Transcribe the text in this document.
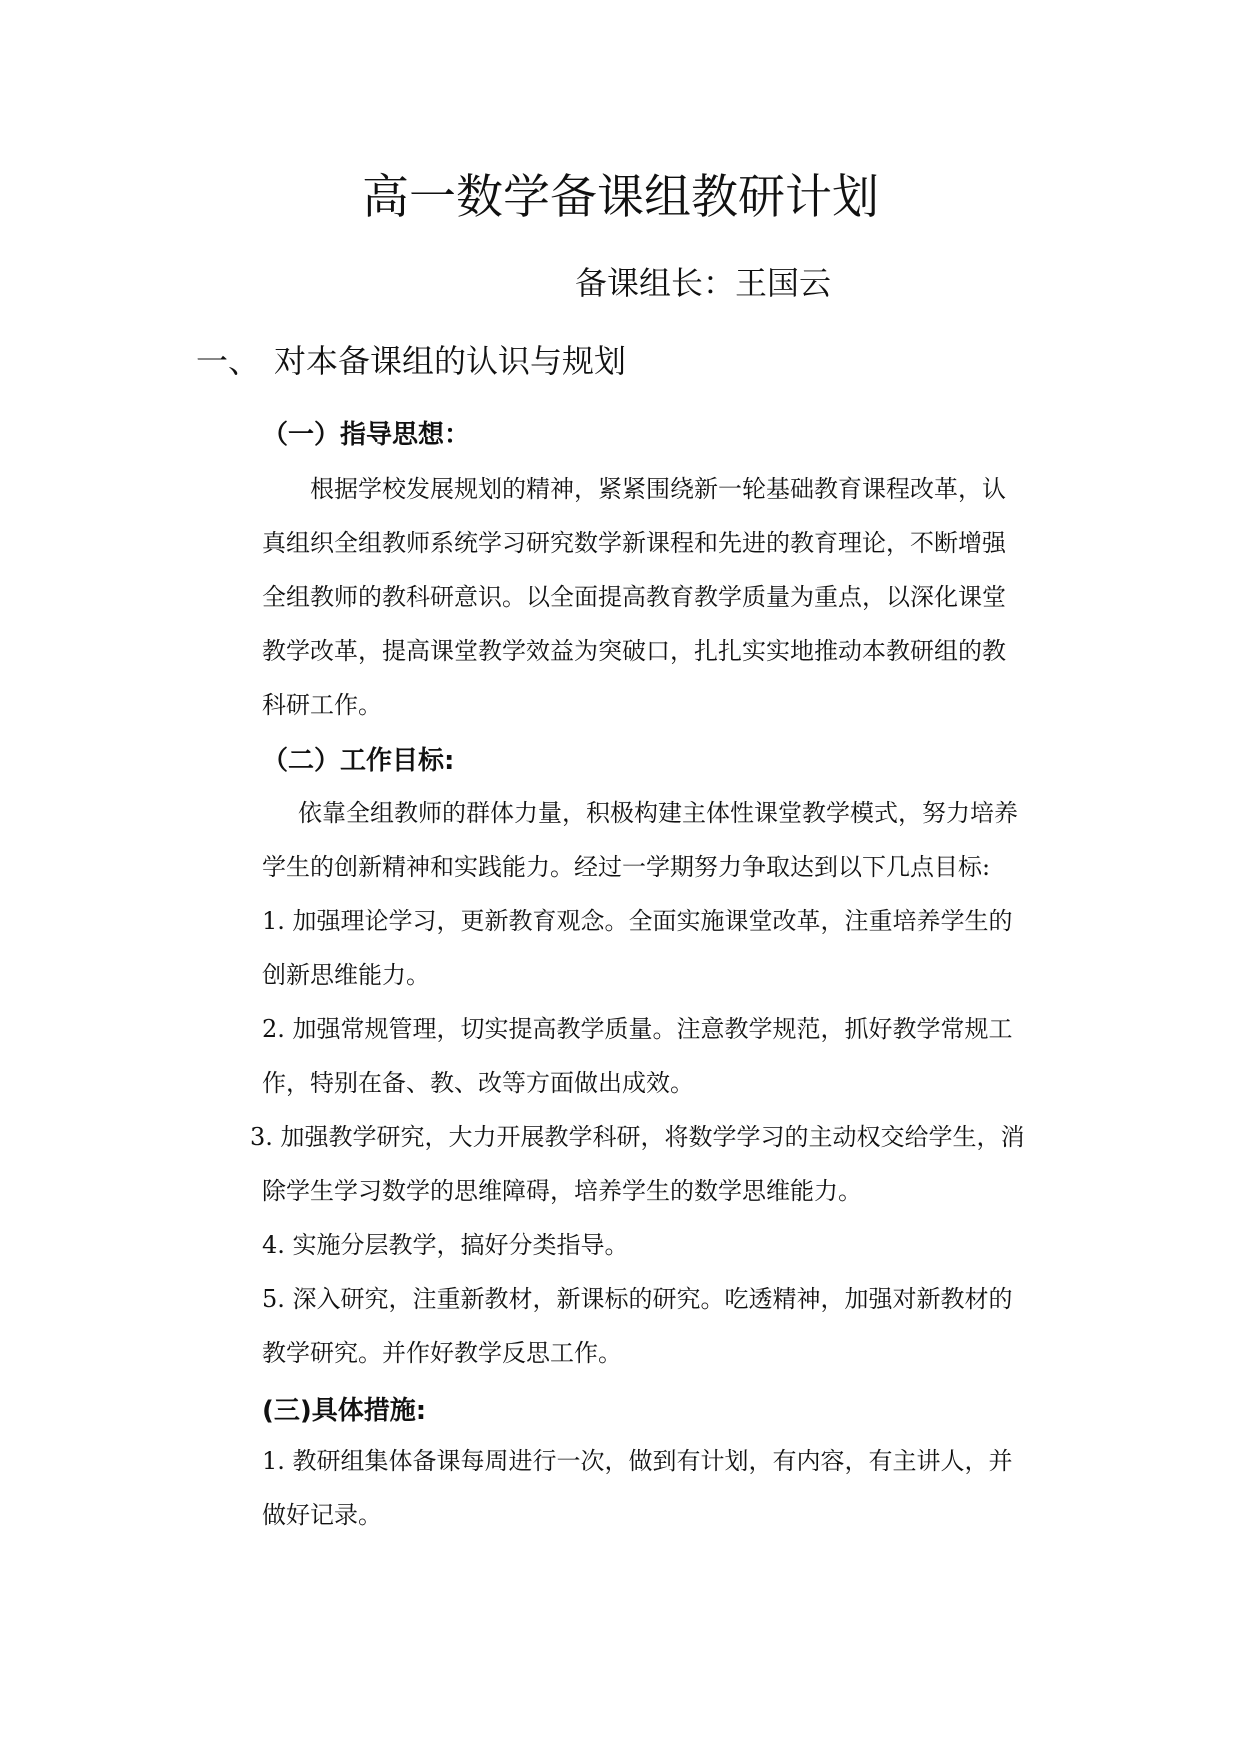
高一数学备课组教研计划
备课组长：王国云
一、 对本备课组的认识与规划
（一）指导思想：
根据学校发展规划的精神，紧紧围绕新一轮基础教育课程改革，认
真组织全组教师系统学习研究数学新课程和先进的教育理论，不断增强
全组教师的教科研意识。以全面提高教育教学质量为重点，以深化课堂
教学改革，提高课堂教学效益为突破口，扎扎实实地推动本教研组的教
科研工作。
（二）工作目标:
依靠全组教师的群体力量，积极构建主体性课堂教学模式，努力培养
学生的创新精神和实践能力。经过一学期努力争取达到以下几点目标:
1. 加强理论学习，更新教育观念。全面实施课堂改革，注重培养学生的
创新思维能力。
2. 加强常规管理，切实提高教学质量。注意教学规范，抓好教学常规工
作，特别在备、教、改等方面做出成效。
3. 加强教学研究，大力开展教学科研，将数学学习的主动权交给学生，消
除学生学习数学的思维障碍，培养学生的数学思维能力。
4. 实施分层教学，搞好分类指导。
5. 深入研究，注重新教材，新课标的研究。吃透精神，加强对新教材的
教学研究。并作好教学反思工作。
(三)具体措施:
1. 教研组集体备课每周进行一次，做到有计划，有内容，有主讲人，并
做好记录。
